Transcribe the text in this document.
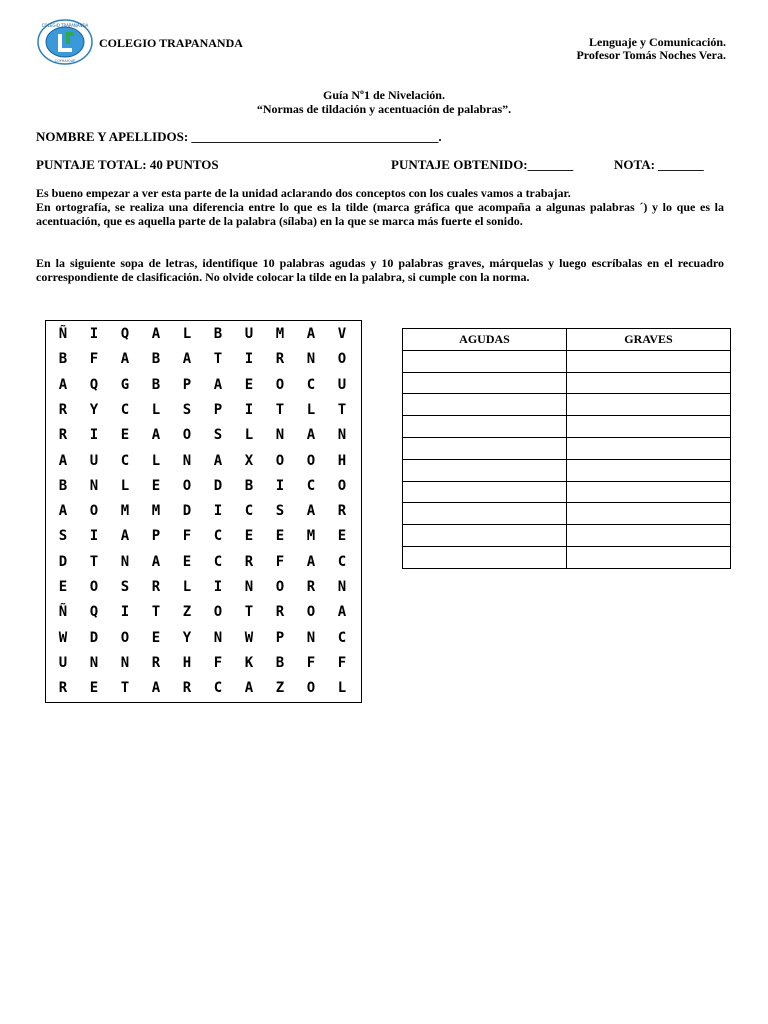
COLEGIO TRAPANANDA
COYHAIQUE
COLEGIO TRAPANANDA	Lenguaje y Comunicación.
Profesor Tomás Noches Vera.
Guía Nº1 de Nivelación.
“Normas de tildación y acentuación de palabras”.
NOMBRE Y APELLIDOS: ______________________________________.
PUNTAJE TOTAL: 40 PUNTOS	PUNTAJE OBTENIDO:_______	NOTA: _______
Es bueno empezar a ver esta parte de la unidad aclarando dos conceptos con los cuales vamos a trabajar.
En ortografía, se realiza una diferencia entre lo que es la tilde (marca gráfica que acompaña a algunas palabras ´) y lo que es la acentuación, que es aquella parte de la palabra (sílaba) en la que se marca más fuerte el sonido.
En la siguiente sopa de letras, identifique 10 palabras agudas y 10 palabras graves, márquelas y luego escríbalas en el recuadro correspondiente de clasificación. No olvide colocar la tilde en la palabra, si cumple con la norma.
Ñ	I	Q	A	L	B	U	M	A	V
B	F	A	B	A	T	I	R	N	O
A	Q	G	B	P	A	E	O	C	U
R	Y	C	L	S	P	I	T	L	T
R	I	E	A	O	S	L	N	A	N
A	U	C	L	N	A	X	O	O	H
B	N	L	E	O	D	B	I	C	O
A	O	M	M	D	I	C	S	A	R
S	I	A	P	F	C	E	E	M	E
D	T	N	A	E	C	R	F	A	C
E	O	S	R	L	I	N	O	R	N
Ñ	Q	I	T	Z	O	T	R	O	A
W	D	O	E	Y	N	W	P	N	C
U	N	N	R	H	F	K	B	F	F
R	E	T	A	R	C	A	Z	O	L
AGUDAS	GRAVES
